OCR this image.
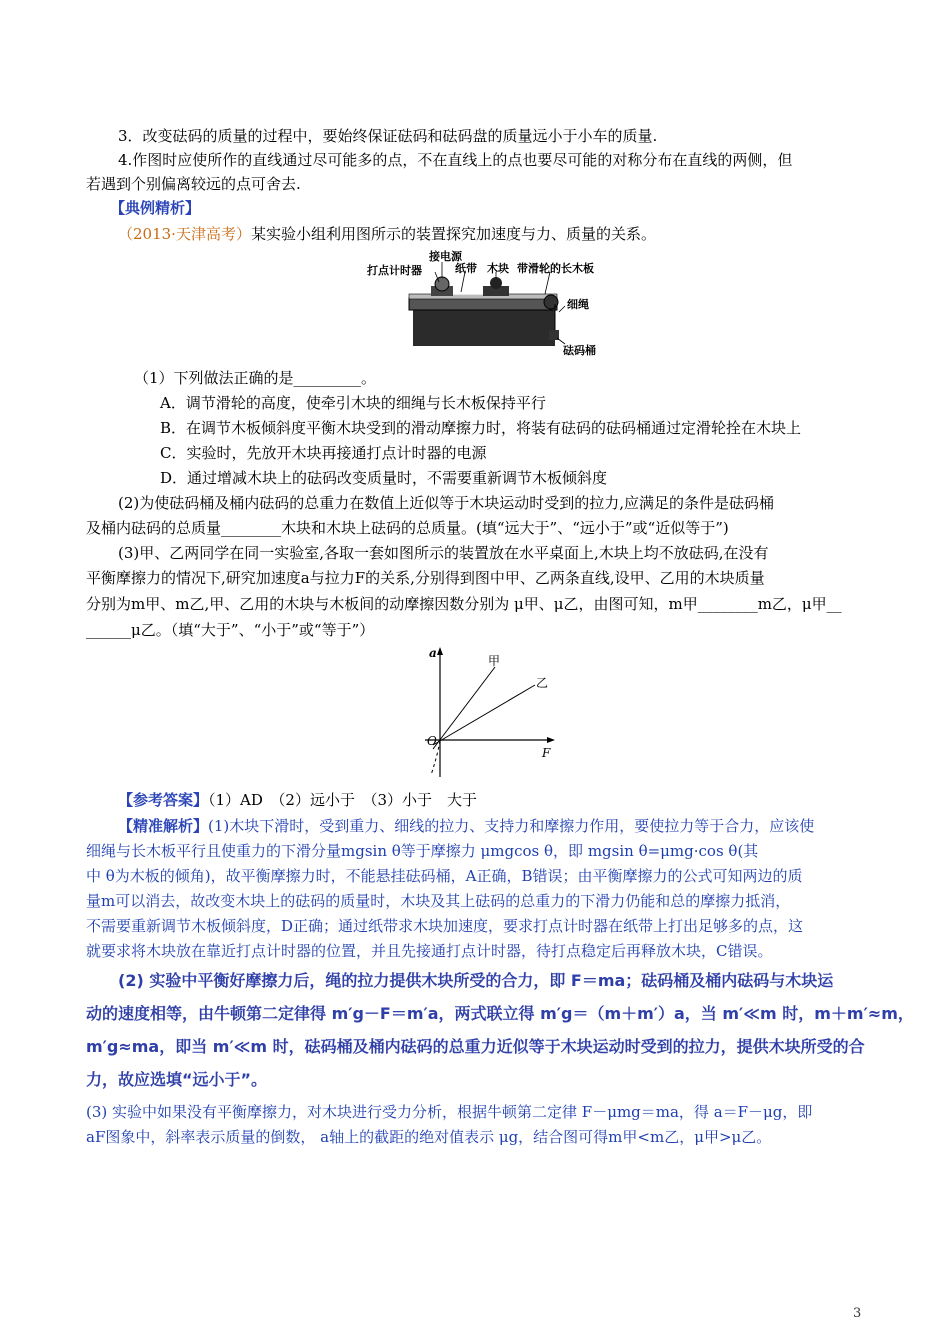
3．改变砝码的质量的过程中，要始终保证砝码和砝码盘的质量远小于小车的质量.
4.作图时应使所作的直线通过尽可能多的点，不在直线上的点也要尽可能的对称分布在直线的两侧，但
若遇到个别偏离较远的点可舍去.
【典例精析】
（2013·天津高考）某实验小组利用图所示的装置探究加速度与力、质量的关系。
接电源
打点计时器	纸带 木块 带滑轮的长木板
细绳
砝码桶
（1）下列做法正确的是_________。
A．调节滑轮的高度，使牵引木块的细绳与长木板保持平行
B．在调节木板倾斜度平衡木块受到的滑动摩擦力时，将装有砝码的砝码桶通过定滑轮拴在木块上
C．实验时，先放开木块再接通打点计时器的电源
D．通过增减木块上的砝码改变质量时，不需要重新调节木板倾斜度
(2)为使砝码桶及桶内砝码的总重力在数值上近似等于木块运动时受到的拉力,应满足的条件是砝码桶
及桶内砝码的总质量________木块和木块上砝码的总质量。(填“远大于”、“远小于”或“近似等于”)
(3)甲、乙两同学在同一实验室,各取一套如图所示的装置放在水平桌面上,木块上均不放砝码,在没有
平衡摩擦力的情况下,研究加速度a与拉力F的关系,分别得到图中甲、乙两条直线,设甲、乙用的木块质量
分别为m甲、m乙,甲、乙用的木块与木板间的动摩擦因数分别为 μ甲、μ乙，由图可知，m甲________m乙，μ甲__
______μ乙。（填“大于”、“小于”或“等于”）
a
F
O
甲
乙
【参考答案】（1）AD　（2）远小于　（3）小于　大于
【精准解析】(1)木块下滑时，受到重力、细线的拉力、支持力和摩擦力作用，要使拉力等于合力，应该使
细绳与长木板平行且使重力的下滑分量mgsin θ等于摩擦力 μmgcos θ，即 mgsin θ=μmg·cos θ(其
中 θ为木板的倾角)，故平衡摩擦力时，不能悬挂砝码桶，A正确，B错误；由平衡摩擦力的公式可知两边的质
量m可以消去，故改变木块上的砝码的质量时，木块及其上砝码的总重力的下滑力仍能和总的摩擦力抵消，
不需要重新调节木板倾斜度，D正确；通过纸带求木块加速度，要求打点计时器在纸带上打出足够多的点，这
就要求将木块放在靠近打点计时器的位置，并且先接通打点计时器，待打点稳定后再释放木块，C错误。
(2) 实验中平衡好摩擦力后，绳的拉力提供木块所受的合力，即 F＝ma；砝码桶及桶内砝码与木块运
动的速度相等，由牛顿第二定律得 m′g－F＝m′a，两式联立得 m′g＝（m＋m′）a，当 m′≪m 时，m＋m′≈m，
m′g≈ma，即当 m′≪m 时，砝码桶及桶内砝码的总重力近似等于木块运动时受到的拉力，提供木块所受的合
力，故应选填“远小于”。
(3) 实验中如果没有平衡摩擦力，对木块进行受力分析，根据牛顿第二定律 F－μmg＝ma，得 a＝F－μg，即
aF图象中，斜率表示质量的倒数， a轴上的截距的绝对值表示 μg，结合图可得m甲<m乙，μ甲>μ乙。
3
